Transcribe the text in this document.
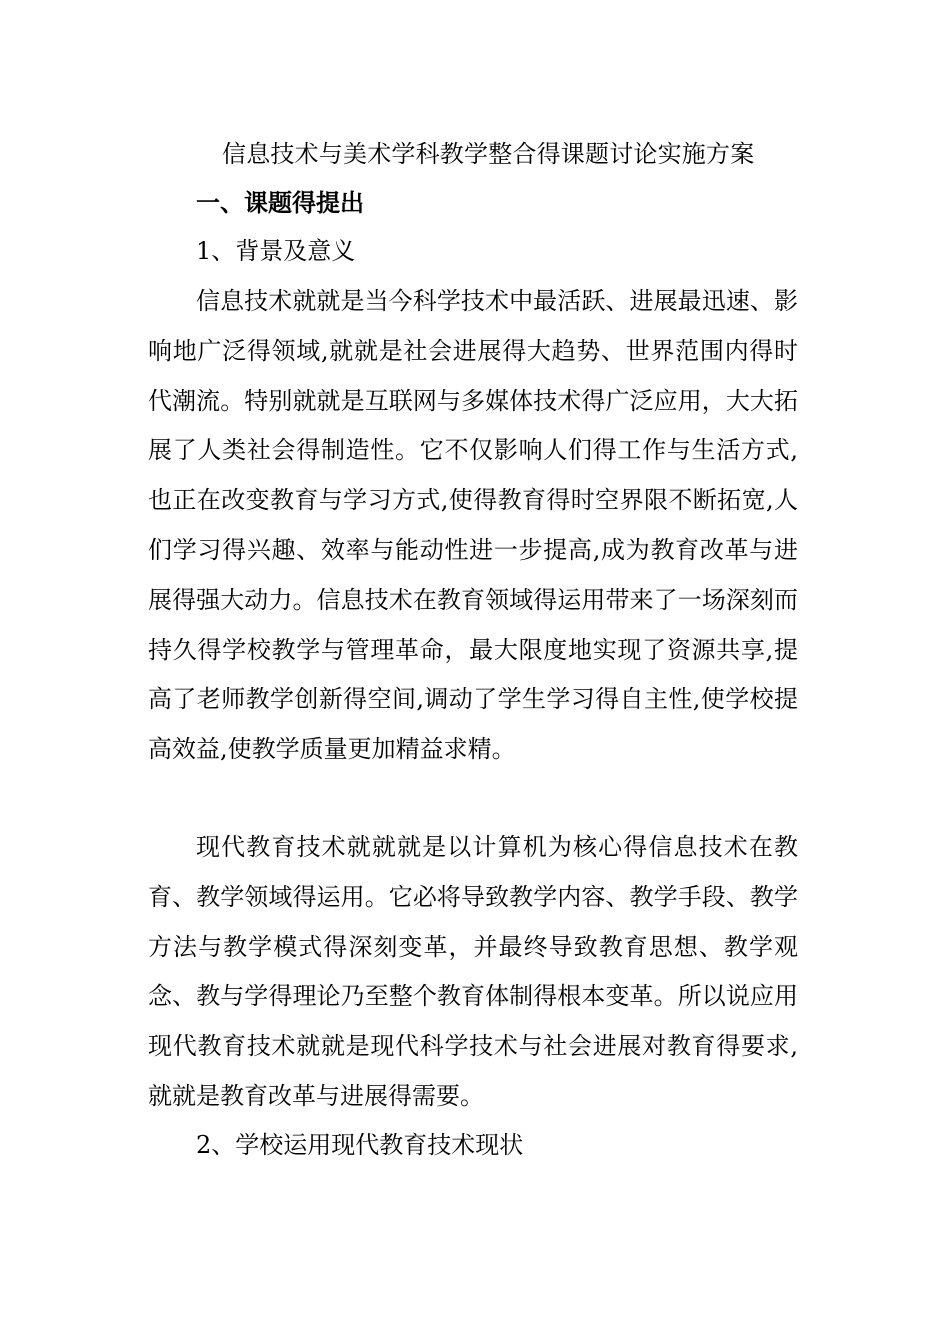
信息技术与美术学科教学整合得课题讨论实施方案
一、课题得提出
1、背景及意义

信息技术就就是当今科学技术中最活跃、进展最迅速、影响地广泛得领域,就就是社会进展得大趋势、世界范围内得时代潮流。特别就就是互联网与多媒体技术得广泛应用，大大拓展了人类社会得制造性。它不仅影响人们得工作与生活方式,也正在改变教育与学习方式,使得教育得时空界限不断拓宽,人们学习得兴趣、效率与能动性进一步提高,成为教育改革与进展得强大动力。信息技术在教育领域得运用带来了一场深刻而持久得学校教学与管理革命，最大限度地实现了资源共享,提高了老师教学创新得空间,调动了学生学习得自主性,使学校提高效益,使教学质量更加精益求精。

现代教育技术就就就是以计算机为核心得信息技术在教育、教学领域得运用。它必将导致教学内容、教学手段、教学方法与教学模式得深刻变革，并最终导致教育思想、教学观念、教与学得理论乃至整个教育体制得根本变革。所以说应用现代教育技术就就是现代科学技术与社会进展对教育得要求,就就是教育改革与进展得需要。

2、学校运用现代教育技术现状
